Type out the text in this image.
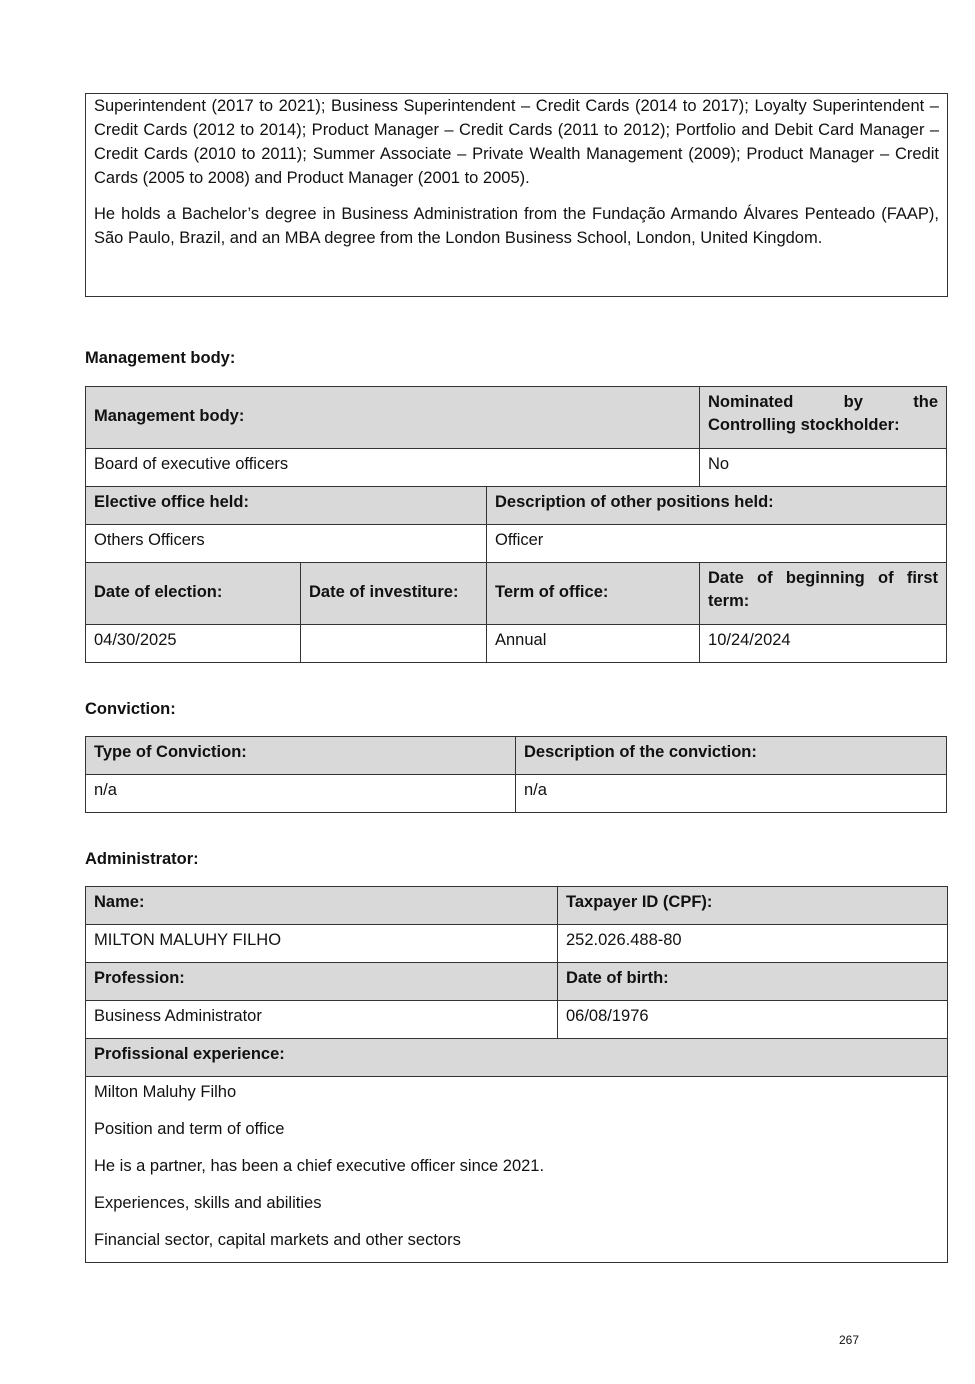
Superintendent (2017 to 2021); Business Superintendent – Credit Cards (2014 to 2017); Loyalty Superintendent – Credit Cards (2012 to 2014); Product Manager – Credit Cards (2011 to 2012); Portfolio and Debit Card Manager – Credit Cards (2010 to 2011); Summer Associate – Private Wealth Management (2009); Product Manager – Credit Cards (2005 to 2008) and Product Manager (2001 to 2005).

He holds a Bachelor’s degree in Business Administration from the Fundação Armando Álvares Penteado (FAAP), São Paulo, Brazil, and an MBA degree from the London Business School, London, United Kingdom.

Management body:
Management body:			Nominated by the Controlling stockholder:
Board of executive officers			No
Elective office held:		Description of other positions held:	
Others Officers		Officer	
Date of election:	Date of investiture:	Term of office:	Date of beginning of first term:
04/30/2025		Annual	10/24/2024
Conviction:
Type of Conviction:	Description of the conviction:
n/a	n/a
Administrator:
Name:	Taxpayer ID (CPF):
MILTON MALUHY FILHO	252.026.488-80
Profession:	Date of birth:
Business Administrator	06/08/1976
Profissional experience:	

Milton Maluhy Filho

Position and term of office

He is a partner, has been a chief executive officer since 2021.

Experiences, skills and abilities

Financial sector, capital markets and other sectors	

267
